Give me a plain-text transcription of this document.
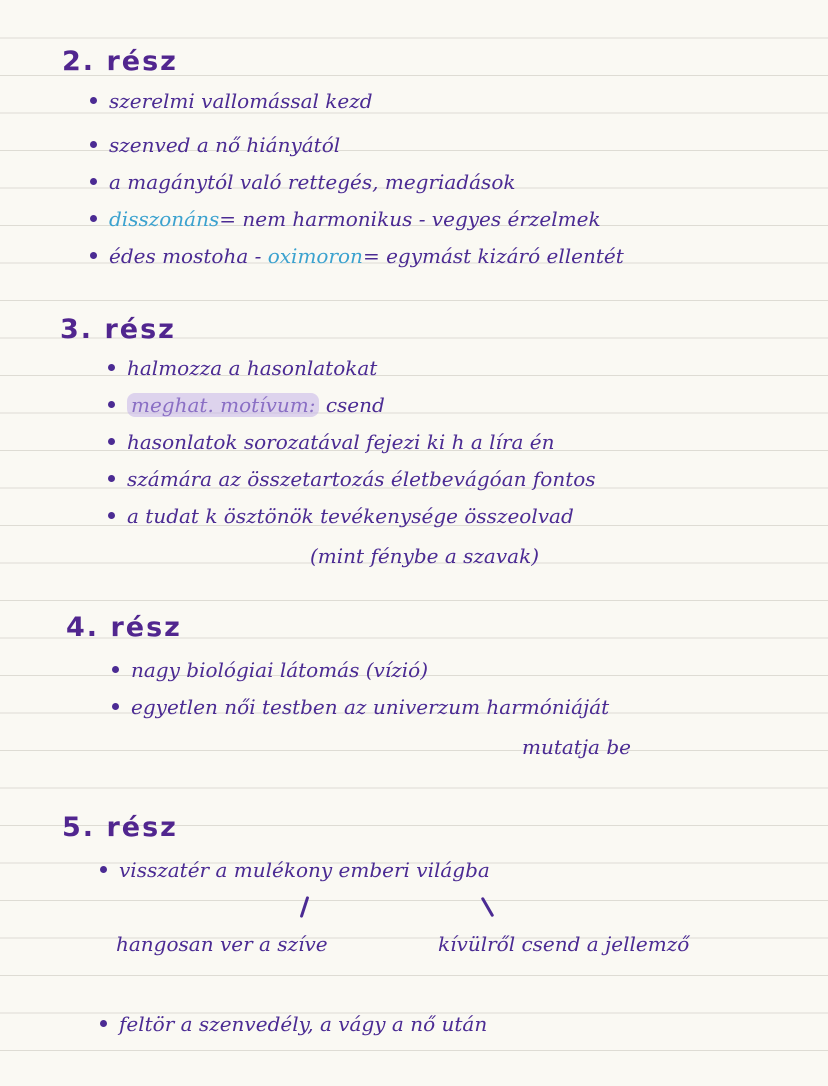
2. rész
szerelmi vallomással kezd
szenved a nő hiányától
a magánytól való rettegés, megriadások
disszonáns= nem harmonikus - vegyes érzelmek
édes mostoha - oximoron= egymást kizáró ellentét
3. rész
halmozza a hasonlatokat
meghat. motívum: csend
hasonlatok sorozatával fejezi ki h a líra én
számára az összetartozás életbevágóan fontos
a tudat k ösztönök tevékenysége összeolvad
(mint fénybe a szavak)
4. rész
nagy biológiai látomás (vízió)
egyetlen női testben az univerzum harmóniáját
mutatja be
5. rész
visszatér a mulékony emberi világba
hangosan ver a szíve	kívülről csend a jellemző
feltör a szenvedély, a vágy a nő után
